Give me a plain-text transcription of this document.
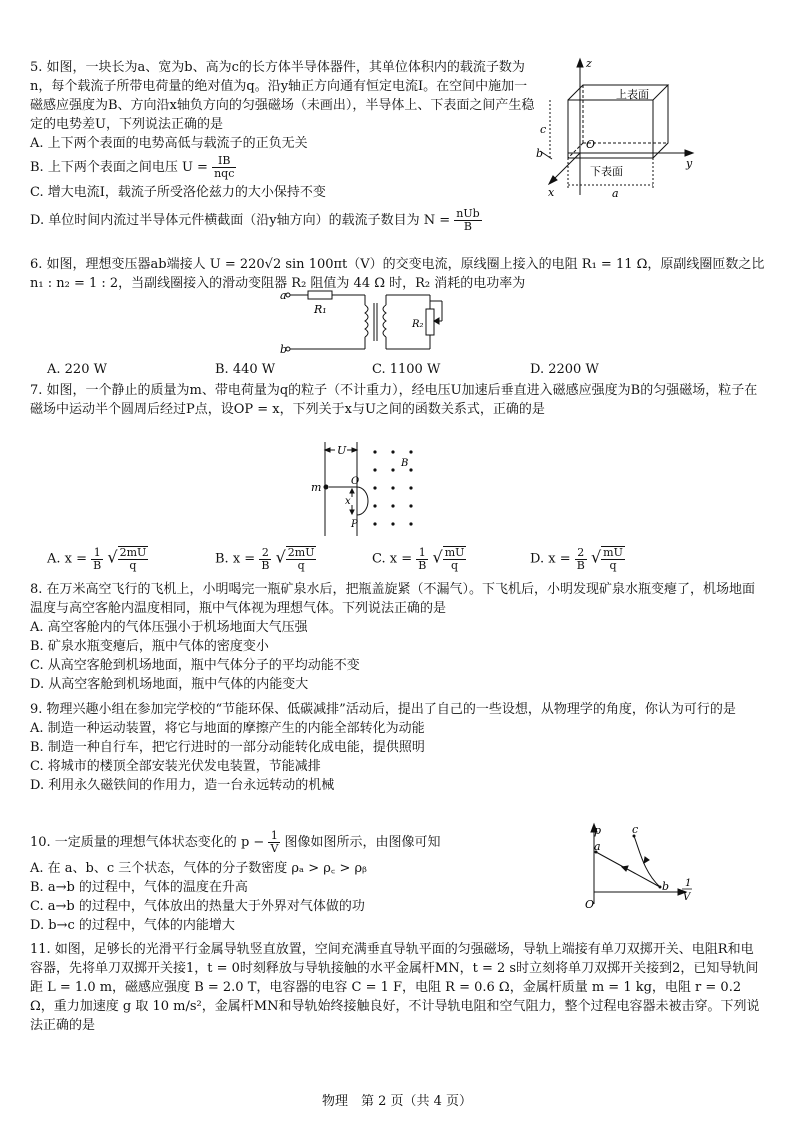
5. 如图，一块长为a、宽为b、高为c的长方体半导体器件，其单位体积内的载流子数为n，每个载流子所带电荷量的绝对值为q。沿y轴正方向通有恒定电流I。在空间中施加一磁感应强度为B、方向沿x轴负方向的匀强磁场（未画出），半导体上、下表面之间产生稳定的电势差U，下列说法正确的是

A. 上下两个表面的电势高低与载流子的正负无关

B. 上下两个表面之间电压 $U = \frac{IB}{\text{nqc}}$

C. 增大电流I，载流子所受洛伦兹力的大小保持不变

D. 单位时间内流过半导体元件横截面（沿y轴方向）的载流子数目为 $N = \frac{\text{nUb}}{B}$

z
y
x
O
c
b
a
上表面
下表面

6. 如图，理想变压器ab端接人 U = 220√2 sin 100πt（V）的交变电流，原线圈上接入的电阻 R₁ = 11 Ω，原副线圈匝数之比 n₁ : n₂ = 1 : 2，当副线圈接入的滑动变阻器 R₂ 阻值为 44 Ω 时，R₂ 消耗的电功率为

a
b
R₁
R₂
A. 220 W	B. 440 W	C. 1100 W	D. 2200 W

7. 如图，一个静止的质量为m、带电荷量为q的粒子（不计重力），经电压U加速后垂直进入磁感应强度为B的匀强磁场，粒子在磁场中运动半个圆周后经过P点，设OP = x，下列关于x与U之间的函数关系式，正确的是

U
m	O
x
P
B
A. $x = \frac{1}{B}$ √ $\frac{2mU}{q}$	B. $x = \frac{2}{B}$ √ $\frac{2mU}{q}$	C. $x = \frac{1}{B}$ √ $\frac{mU}{q}$	D. $x = \frac{2}{B}$ √ $\frac{mU}{q}$

8. 在万米高空飞行的飞机上，小明喝完一瓶矿泉水后，把瓶盖旋紧（不漏气）。下飞机后，小明发现矿泉水瓶变瘪了，机场地面温度与高空客舱内温度相同，瓶中气体视为理想气体。下列说法正确的是

A. 高空客舱内的气体压强小于机场地面大气压强

B. 矿泉水瓶变瘪后，瓶中气体的密度变小

C. 从高空客舱到机场地面，瓶中气体分子的平均动能不变

D. 从高空客舱到机场地面，瓶中气体的内能变大

9. 物理兴趣小组在参加完学校的“节能环保、低碳减排”活动后，提出了自己的一些设想，从物理学的角度，你认为可行的是

A. 制造一种运动装置，将它与地面的摩擦产生的内能全部转化为动能

B. 制造一种自行车，把它行进时的一部分动能转化成电能，提供照明

C. 将城市的楼顶全部安装光伏发电装置，节能减排

D. 利用永久磁铁间的作用力，造一台永远转动的机械

10. 一定质量的理想气体状态变化的 $p - \frac{1}{V}$ 图像如图所示，由图像可知

A. 在 a、b、c 三个状态，气体的分子数密度 ρₐ > ρ꜀ > ρᵦ

B. a→b 的过程中，气体的温度在升高

C. a→b 的过程中，气体放出的热量大于外界对气体做的功

D. b→c 的过程中，气体的内能增大

p
a
b
c
O
1
V

11. 如图，足够长的光滑平行金属导轨竖直放置，空间充满垂直导轨平面的匀强磁场，导轨上端接有单刀双掷开关、电阻R和电容器，先将单刀双掷开关接1，t = 0时刻释放与导轨接触的水平金属杆MN，t = 2 s时立刻将单刀双掷开关接到2，已知导轨间距 L = 1.0 m，磁感应强度 B = 2.0 T，电容器的电容 C = 1 F，电阻 R = 0.6 Ω，金属杆质量 m = 1 kg，电阻 r = 0.2 Ω，重力加速度 g 取 10 m/s²，金属杆MN和导轨始终接触良好，不计导轨电阻和空气阻力，整个过程电容器未被击穿。下列说法正确的是

物理　第 2 页（共 4 页）
